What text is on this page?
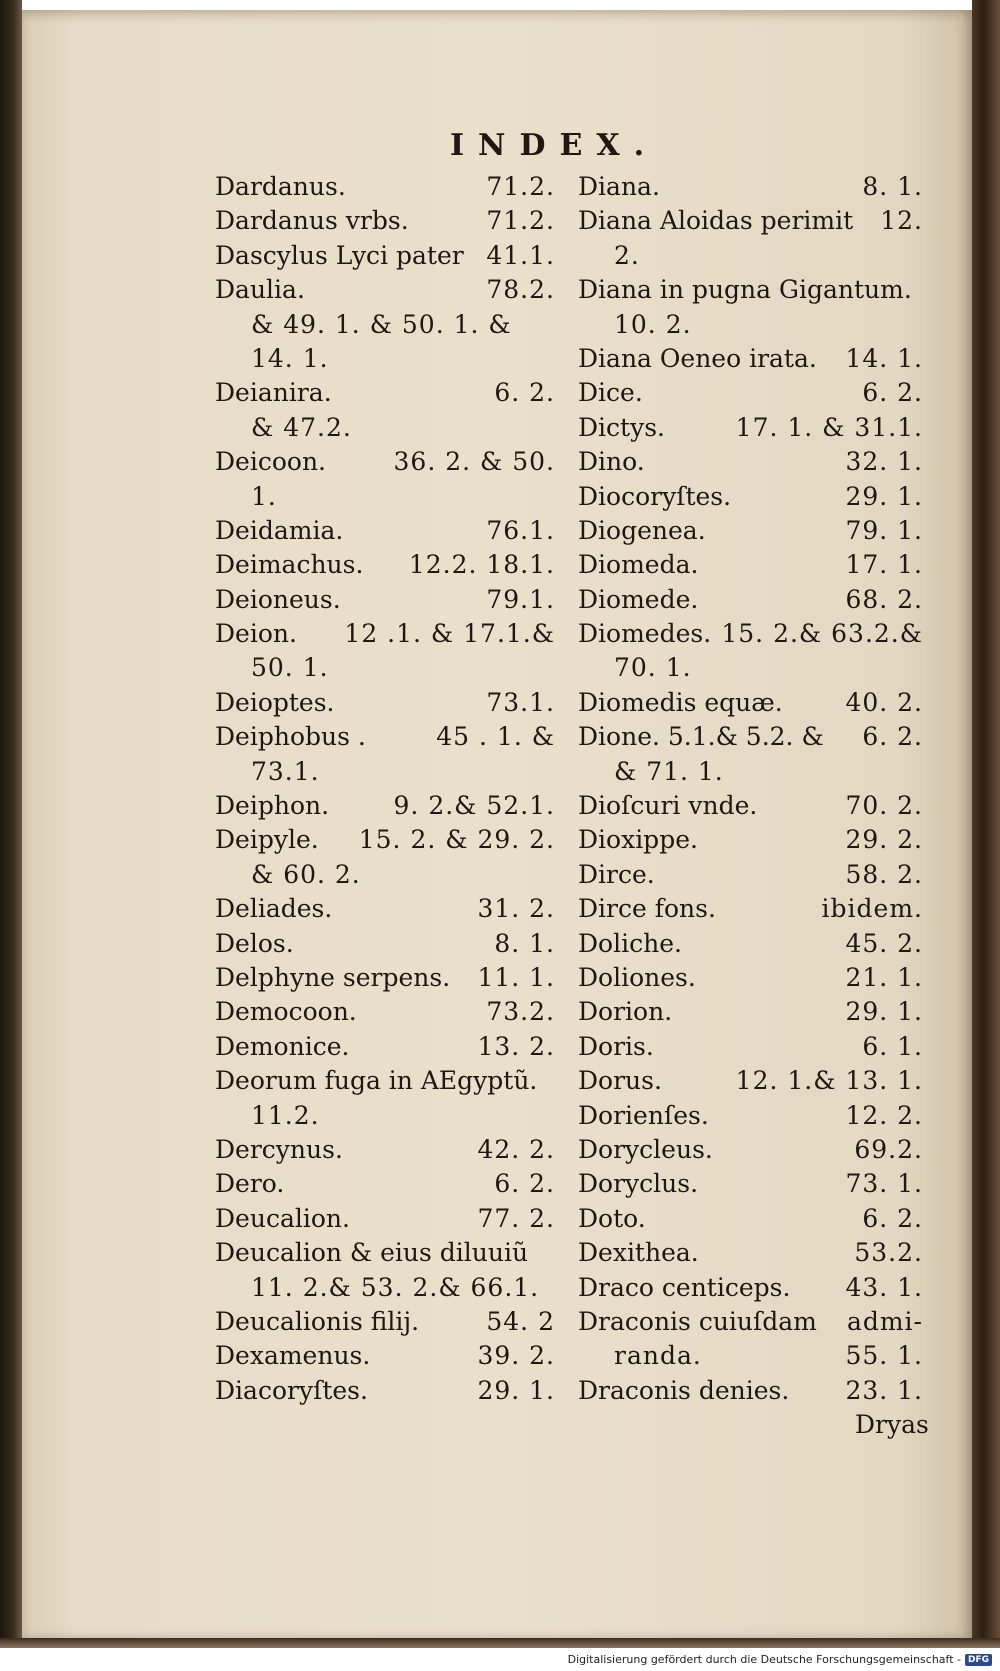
INDEX.
Dardanus.	71.2.
Dardanus vrbs.	71.2.
Dascylus Lyci pater 41.1.
Daulia.	78.2.
& 49. 1. & 50. 1. &
14. 1.
Deianira.	6. 2.
& 47.2.
Deicoon.	36. 2. & 50.
1.
Deidamia.	76.1.
Deimachus. 12.2. 18.1.
Deioneus.	79.1.
Deion. 12 .1. & 17.1.&
50. 1.
Deioptes.	73.1.
Deiphobus .	45 . 1. &
73.1.
Deiphon.	9. 2.& 52.1.
Deipyle. 15. 2. & 29. 2.
& 60. 2.
Deliades.	31. 2.
Delos.	8. 1.
Delphyne serpens. 11. 1.
Democoon.	73.2.
Demonice.	13. 2.
Deorum fuga in AEgyptũ.
11.2.
Dercynus.	42. 2.
Dero.	6. 2.
Deucalion.	77. 2.
Deucalion & eius diluuiũ
11. 2.& 53. 2.& 66.1.
Deucalionis filij.	54. 2
Dexamenus.	39. 2.
Diacoryſtes.	29. 1.
Diana.	8. 1.
Diana Aloidas perimit 12.
2.
Diana in pugna Gigantum.
10. 2.
Diana Oeneo irata. 14. 1.
Dice.	6. 2.
Dictys.	17. 1. & 31.1.
Dino.	32. 1.
Diocoryſtes.	29. 1.
Diogenea.	79. 1.
Diomeda.	17. 1.
Diomede.	68. 2.
Diomedes. 15. 2.& 63.2.&
70. 1.
Diomedis equæ.	40. 2.
Dione. 5.1.& 5.2. & 6. 2.
& 71. 1.
Dioſcuri vnde.	70. 2.
Dioxippe.	29. 2.
Dirce.	58. 2.
Dirce fons.	ibidem.
Doliche.	45. 2.
Doliones.	21. 1.
Dorion.	29. 1.
Doris.	6. 1.
Dorus.	12. 1.& 13. 1.
Dorienſes.	12. 2.
Dorycleus.	69.2.
Doryclus.	73. 1.
Doto.	6. 2.
Dexithea.	53.2.
Draco centiceps. 43. 1.
Draconis cuiuſdam admi-
randa.	55. 1.
Draconis denies. 23. 1.
Dryas
Digitalisierung gefördert durch die Deutsche Forschungsgemeinschaft - DFG
